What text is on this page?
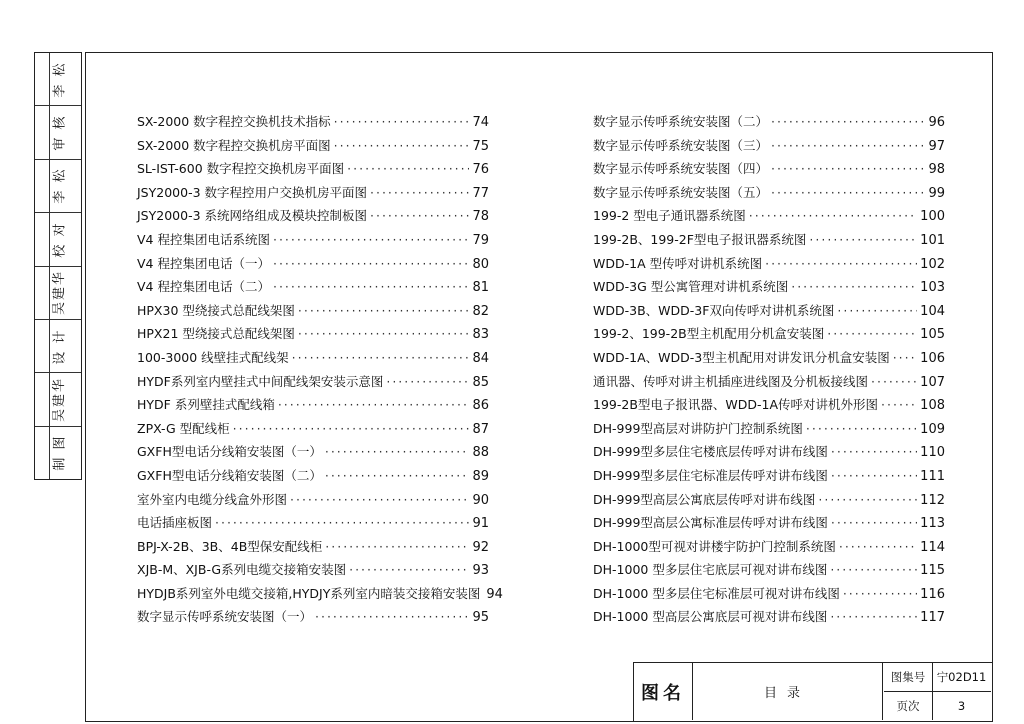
李 松
审 核
李 松
校 对
吴建华
设 计
吴建华
制 图
SX-2000 数字程控交换机技术指标 ·····	74
SX-2000 数字程控交换机房平面图 ·····	75
SL-IST-600 数字程控交换机房平面图 ·····	76
JSY2000-3 数字程控用户交换机房平面图 ·····	77
JSY2000-3 系统网络组成及模块控制板图 ·····	78
V4 程控集团电话系统图 ·····	79
V4 程控集团电话（一） ·····	80
V4 程控集团电话（二） ·····	81
HPX30 型绕接式总配线架图 ·····	82
HPX21 型绕接式总配线架图 ·····	83
100-3000 线壁挂式配线架 ·····	84
HYDF系列室内壁挂式中间配线架安装示意图 ·····	85
HYDF 系列壁挂式配线箱 ·····	86
ZPX-G 型配线柜 ·····	87
GXFH型电话分线箱安装图（一） ·····	88
GXFH型电话分线箱安装图（二） ·····	89
室外室内电缆分线盒外形图 ·····	90
电话插座板图 ·····	91
BPJ-X-2B、3B、4B型保安配线柜 ·····	92
XJB-M、XJB-G系列电缆交接箱安装图 ·····	93
HYDJB系列室外电缆交接箱,HYDJY系列室内暗装交接箱安装图 94
数字显示传呼系统安装图（一） ·····	95
数字显示传呼系统安装图（二） ·····	96
数字显示传呼系统安装图（三） ·····	97
数字显示传呼系统安装图（四） ·····	98
数字显示传呼系统安装图（五） ·····	99
199-2 型电子通讯器系统图 ·····	100
199-2B、199-2F型电子报讯器系统图 ·····	101
WDD-1A 型传呼对讲机系统图 ·····	102
WDD-3G 型公寓管理对讲机系统图 ·····	103
WDD-3B、WDD-3F双向传呼对讲机系统图 ·····	104
199-2、199-2B型主机配用分机盒安装图 ·····	105
WDD-1A、WDD-3型主机配用对讲发讯分机盒安装图 ····· 106
通讯器、传呼对讲主机插座进线图及分机板接线图 ·····	107
199-2B型电子报讯器、WDD-1A传呼对讲机外形图 ·····	108
DH-999型高层对讲防护门控制系统图 ·····	109
DH-999型多层住宅楼底层传呼对讲布线图 ·····	110
DH-999型多层住宅标准层传呼对讲布线图 ·····	111
DH-999型高层公寓底层传呼对讲布线图 ·····	112
DH-999型高层公寓标准层传呼对讲布线图 ·····	113
DH-1000型可视对讲楼宇防护门控制系统图 ·····	114
DH-1000 型多层住宅底层可视对讲布线图 ·····	115
DH-1000 型多层住宅标准层可视对讲布线图 ·····	116
DH-1000 型高层公寓底层可视对讲布线图 ·····	117
图名	目录
图集号 宁02D11
页次	3
